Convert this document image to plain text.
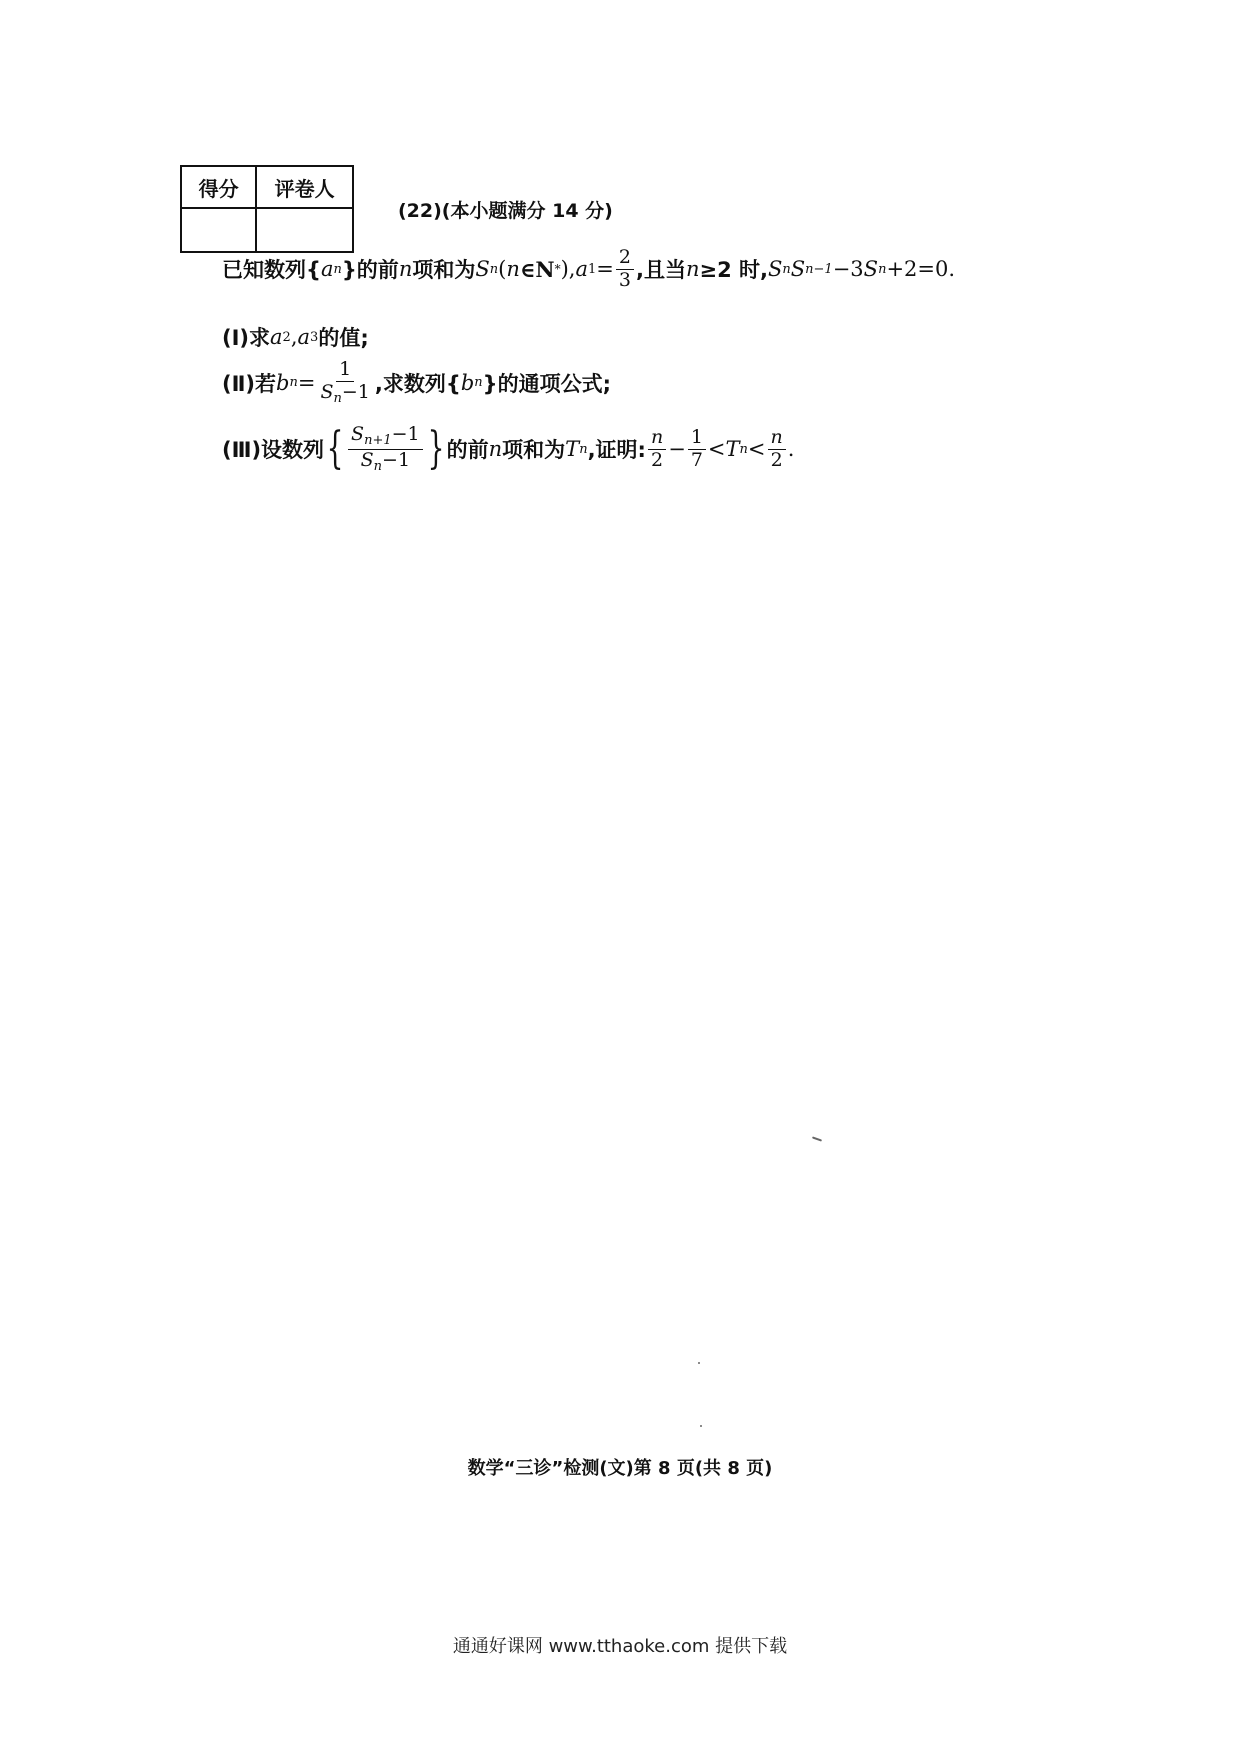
得分	评卷人

(22)(本小题满分 14 分)
已知数列{ a n }的前 n 项和为 S n ( n ∈N * ), a $1 = \frac{2}{3}$ ,且当 n ≥2 时, S n S n−1 −3 S n +2=0.
(Ⅰ)求 a 2 , a 3 的值;
(Ⅱ)若 b $n = \frac{1}{S_n-1}$ ,求数列{ b n }的通项公式;
(Ⅲ)设数列 { $\frac{S_{n+1}-1}{S_n-1}$ } 的前 n 项和为 T n ,证明: $\frac{n}{2} - \frac{1}{7} < T$ $n < \frac{n}{2}$ .
数学“三诊”检测(文)第 8 页(共 8 页)
通通好课网 www.tthaoke.com 提供下载
